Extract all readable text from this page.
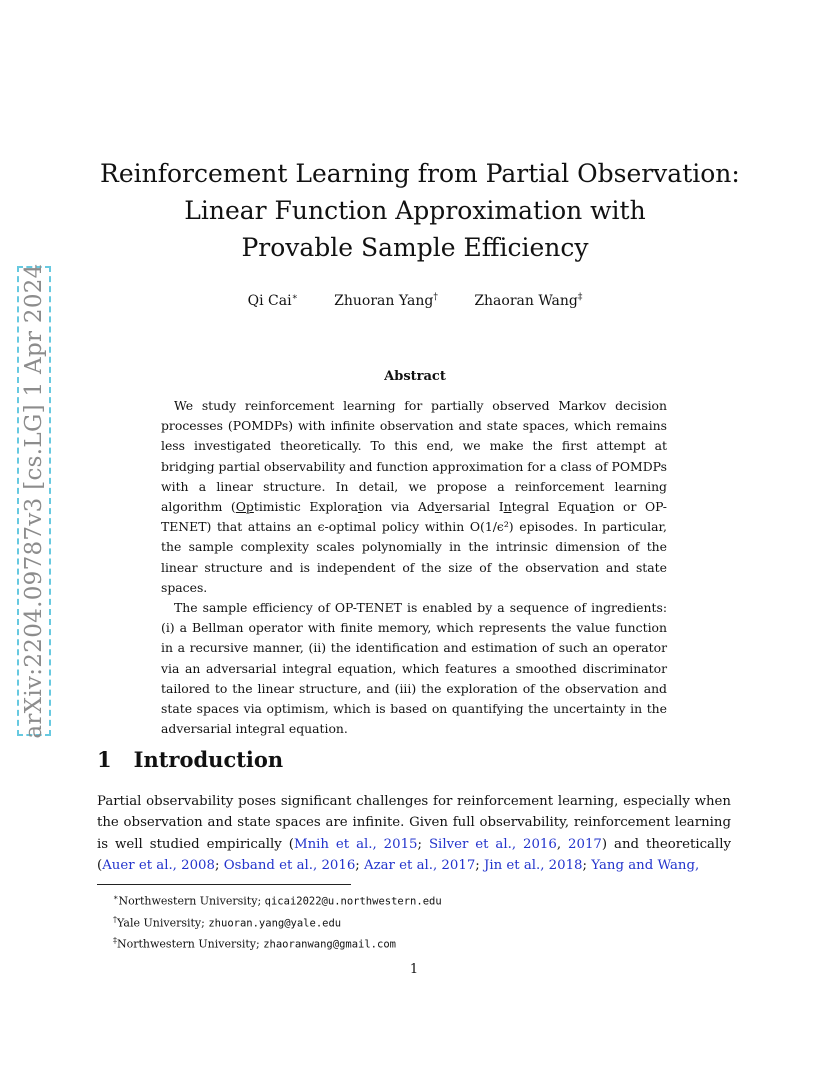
arXiv:2204.09787v3 [cs.LG] 1 Apr 2024
Reinforcement Learning from Partial Observation:
Linear Function Approximation with
Provable Sample Efficiency
Qi Cai∗	Zhuoran Yang†	Zhaoran Wang‡
Abstract

We study reinforcement learning for partially observed Markov decision processes (POMDPs) with infinite observation and state spaces, which remains less investigated theoretically. To this end, we make the first attempt at bridging partial observability and function approximation for a class of POMDPs with a linear structure. In detail, we propose a reinforcement learning algorithm (Optimistic Exploration via Adversarial Integral Equation or OP-TENET) that attains an ϵ-optimal policy within O(1/ϵ²) episodes. In particular, the sample complexity scales polynomially in the intrinsic dimension of the linear structure and is independent of the size of the observation and state spaces.

The sample efficiency of OP-TENET is enabled by a sequence of ingredients: (i) a Bellman operator with finite memory, which represents the value function in a recursive manner, (ii) the identification and estimation of such an operator via an adversarial integral equation, which features a smoothed discriminator tailored to the linear structure, and (iii) the exploration of the observation and state spaces via optimism, which is based on quantifying the uncertainty in the adversarial integral equation.

1 Introduction

Partial observability poses significant challenges for reinforcement learning, especially when the observation and state spaces are infinite. Given full observability, reinforcement learning is well studied empirically (Mnih et al., 2015; Silver et al., 2016, 2017) and theoretically (Auer et al., 2008; Osband et al., 2016; Azar et al., 2017; Jin et al., 2018; Yang and Wang,

∗Northwestern University; qicai2022@u.northwestern.edu
†Yale University; zhuoran.yang@yale.edu
‡Northwestern University; zhaoranwang@gmail.com
1
